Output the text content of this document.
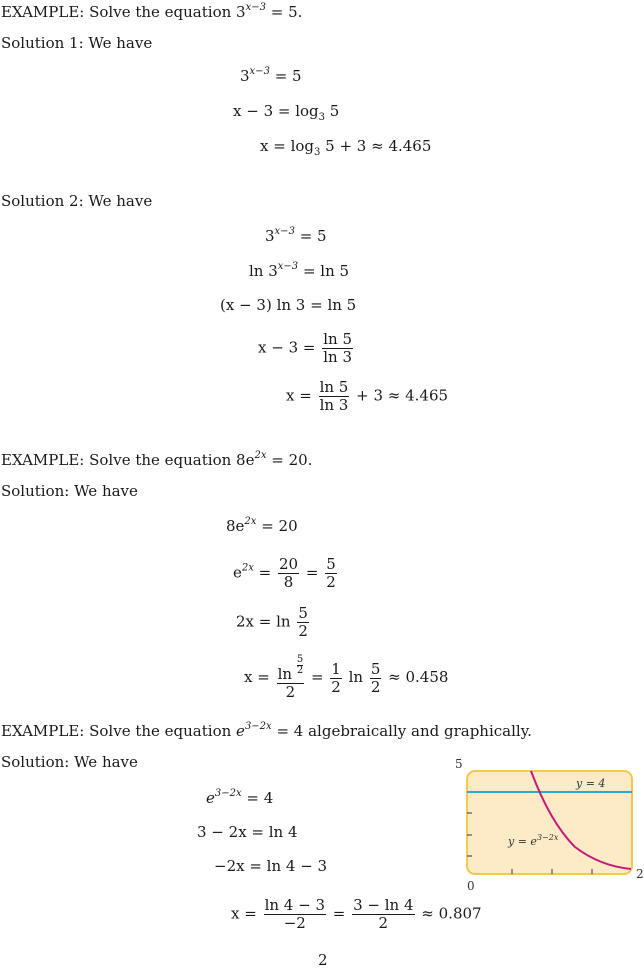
EXAMPLE: Solve the equation $3^{x-3} = 5$.
Solution 1: We have
$3^{x-3} = 5$
$x - 3 = \log_3 5$
$x = \log_3 5 + 3 \approx 4.465$
Solution 2: We have
$3^{x-3} = 5$
$\ln 3^{x-3} = \ln 5$
(x − 3) ln 3 = ln 5
$x - 3 = \frac{\ln 5}{\ln 3}$
$x = \frac{\ln 5}{\ln 3} + 3 \approx 4.465$
EXAMPLE: Solve the equation $8e^{2x} = 20$.
Solution: We have
$8e^{2x} = 20$
$e^{2x} = \frac{20}{8} = \frac{5}{2}$
$2x = \ln \frac{5}{2}$
$x = \frac{\ln \frac{5}{2}}{2} = \frac{1}{2}$ $\ln \frac{5}{2} \approx 0.458$
EXAMPLE: Solve the equation $e^{3-2x} = 4$ algebraically and graphically.
Solution: We have
$e^{3-2x} = 4$
3 − 2x = ln 4
−2x = ln 4 − 3
$x = \frac{\ln 4 - 3}{-2} = \frac{3 - \ln 4}{2} \approx 0.807$
5
0
2
y = 4
$y = e^{3-2x}$
2
